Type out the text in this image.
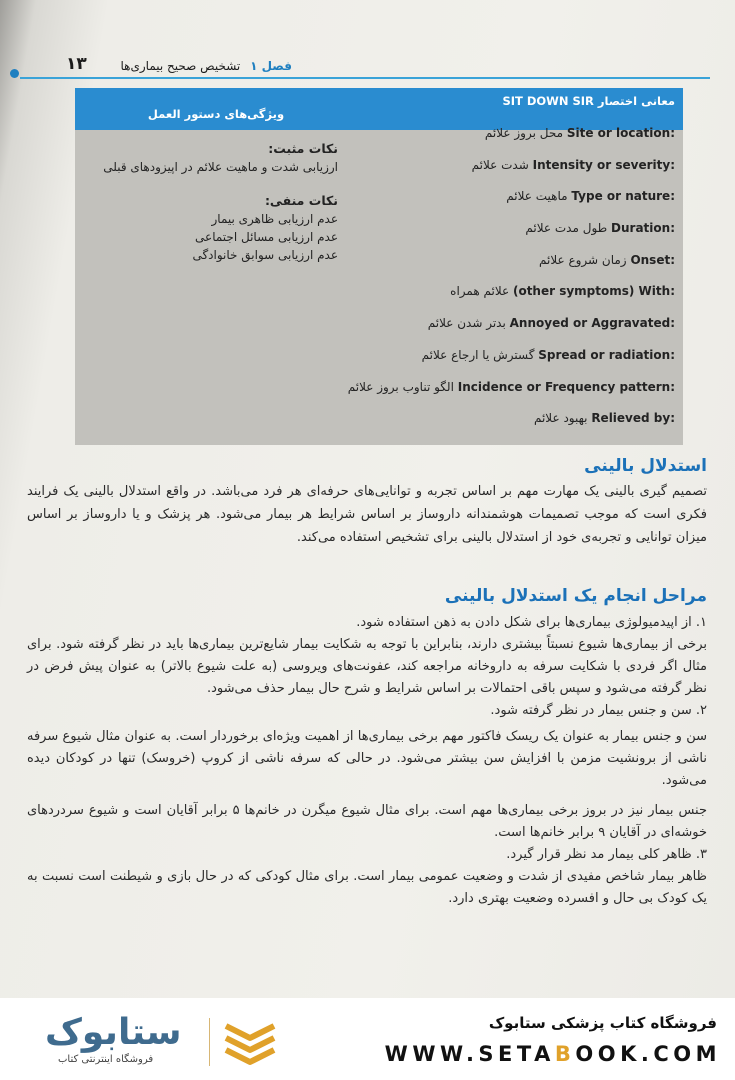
فصل ۱ تشخیص صحیح بیماری‌ها
۱۳
معانی اختصار SIT DOWN SIR
ویژگی‌های دستور العمل
Site or location: محل بروز علائم
Intensity or severity: شدت علائم
Type or nature: ماهیت علائم
Duration: طول مدت علائم
Onset: زمان شروع علائم
(other symptoms) With: علائم همراه
Annoyed or Aggravated: بدتر شدن علائم
Spread or radiation: گسترش یا ارجاع علائم
Incidence or Frequency pattern: الگو تناوب بروز علائم
Relieved by: بهبود علائم
نکات مثبت:
ارزیابی شدت و ماهیت علائم در اپیزودهای قبلی
نکات منفی:
عدم ارزیابی ظاهری بیمار
عدم ارزیابی مسائل اجتماعی
عدم ارزیابی سوابق خانوادگی
استدلال بالینی
تصمیم گیری بالینی یک مهارت مهم بر اساس تجربه و توانایی‌های حرفه‌ای هر فرد می‌باشد. در واقع استدلال بالینی یک فرایند فکری است که موجب تصمیمات هوشمندانه داروساز بر اساس شرایط هر بیمار می‌شود. هر پزشک و یا داروساز بر اساس میزان توانایی و تجربه‌ی خود از استدلال بالینی برای تشخیص استفاده می‌کند.
مراحل انجام یک استدلال بالینی
۱. از اپیدمیولوژی بیماری‌ها برای شکل دادن به ذهن استفاده شود.
برخی از بیماری‌ها شیوع نسبتاً بیشتری دارند، بنابراین با توجه به شکایت بیمار شایع‌ترین بیماری‌ها باید در نظر گرفته شود. برای مثال اگر فردی با شکایت سرفه به داروخانه مراجعه کند، عفونت‌های ویروسی (به علت شیوع بالاتر) به عنوان پیش فرض در نظر گرفته می‌شود و سپس باقی احتمالات بر اساس شرایط و شرح حال بیمار حذف می‌شود.
۲. سن و جنس بیمار در نظر گرفته شود.
سن و جنس بیمار به عنوان یک ریسک فاکتور مهم برخی بیماری‌ها از اهمیت ویژه‌ای برخوردار است. به عنوان مثال شیوع سرفه ناشی از برونشیت مزمن با افزایش سن بیشتر می‌شود. در حالی که سرفه ناشی از کروپ (خروسک) تنها در کودکان دیده می‌شود.
جنس بیمار نیز در بروز برخی بیماری‌ها مهم است. برای مثال شیوع میگرن در خانم‌ها ۵ برابر آقایان است و شیوع سردردهای خوشه‌ای در آقایان ۹ برابر خانم‌ها است.
۳. ظاهر کلی بیمار مد نظر قرار گیرد.
ظاهر بیمار شاخص مفیدی از شدت و وضعیت عمومی بیمار است. برای مثال کودکی که در حال بازی و شیطنت است نسبت به یک کودک بی حال و افسرده وضعیت بهتری دارد.
فروشگاه کتاب پزشکی ستابوک
WWW.SETABOOK.COM
ستابوک
فروشگاه اینترنتی کتاب
